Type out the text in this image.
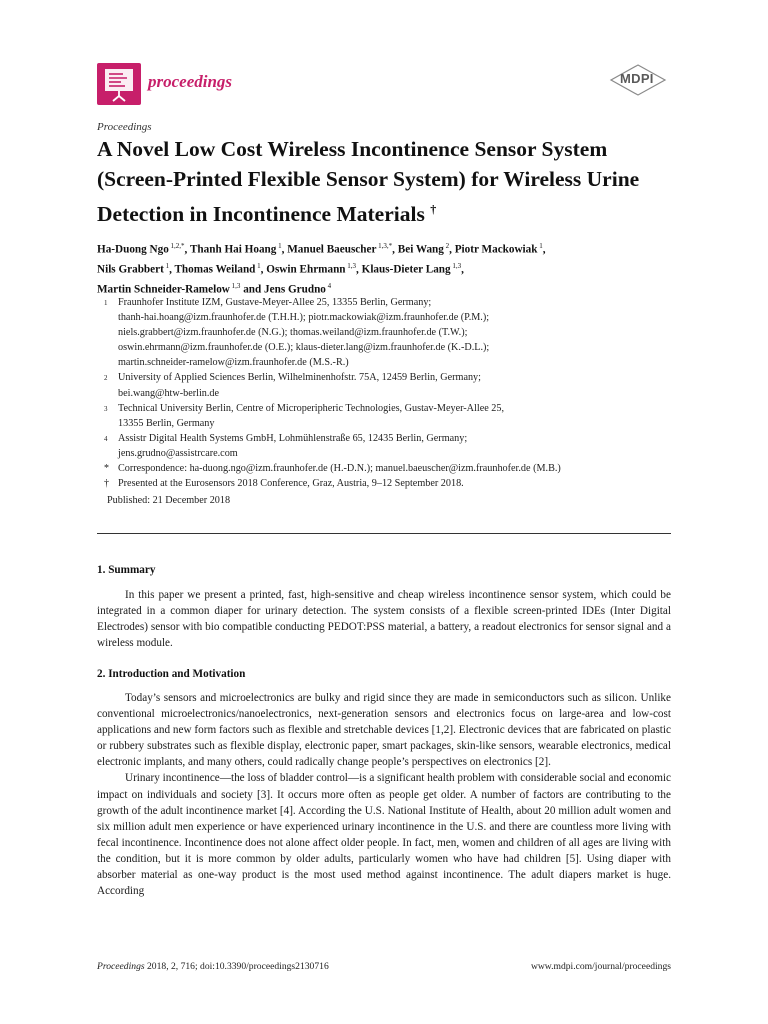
proceedings	MDPI
Proceedings
A Novel Low Cost Wireless Incontinence Sensor System (Screen-Printed Flexible Sensor System) for Wireless Urine Detection in Incontinence Materials †
Ha-Duong Ngo $^{1,2,*}$, Thanh Hai Hoang $^1$, Manuel Baeuscher $^{1,3,*}$, Bei Wang $^2$, Piotr Mackowiak $^1$,
Nils Grabbert $^1$, Thomas Weiland $^1$, Oswin Ehrmann $^{1,3}$, Klaus-Dieter Lang $^{1,3}$,
Martin Schneider-Ramelow $^{1,3}$ and Jens Grudno $^4$
1	Fraunhofer Institute IZM, Gustave-Meyer-Allee 25, 13355 Berlin, Germany;
thanh-hai.hoang@izm.fraunhofer.de (T.H.H.); piotr.mackowiak@izm.fraunhofer.de (P.M.);
niels.grabbert@izm.fraunhofer.de (N.G.); thomas.weiland@izm.fraunhofer.de (T.W.);
oswin.ehrmann@izm.fraunhofer.de (O.E.); klaus-dieter.lang@izm.fraunhofer.de (K.-D.L.);
martin.schneider-ramelow@izm.fraunhofer.de (M.S.-R.)
2	University of Applied Sciences Berlin, Wilhelminenhofstr. 75A, 12459 Berlin, Germany;
bei.wang@htw-berlin.de
3	Technical University Berlin, Centre of Microperipheric Technologies, Gustav-Meyer-Allee 25,
13355 Berlin, Germany
4	Assistr Digital Health Systems GmbH, Lohmühlenstraße 65, 12435 Berlin, Germany;
jens.grudno@assistrcare.com
* Correspondence: ha-duong.ngo@izm.fraunhofer.de (H.-D.N.); manuel.baeuscher@izm.fraunhofer.de (M.B.)
† Presented at the Eurosensors 2018 Conference, Graz, Austria, 9–12 September 2018.
Published: 21 December 2018
1. Summary

In this paper we present a printed, fast, high-sensitive and cheap wireless incontinence sensor system, which could be integrated in a common diaper for urinary detection. The system consists of a flexible screen-printed IDEs (Inter Digital Electrodes) sensor with bio compatible conducting PEDOT:PSS material, a battery, a readout electronics for sensor signal and a wireless module.

2. Introduction and Motivation

Today’s sensors and microelectronics are bulky and rigid since they are made in semiconductors such as silicon. Unlike conventional microelectronics/nanoelectronics, next-generation sensors and electronics focus on large-area and low-cost applications and new form factors such as flexible and stretchable devices [1,2]. Electronic devices that are fabricated on plastic or rubbery substrates such as flexible display, electronic paper, smart packages, skin-like sensors, wearable electronics, medical electronic implants, and many others, could radically change people’s perspectives on electronics [2].

Urinary incontinence—the loss of bladder control—is a significant health problem with considerable social and economic impact on individuals and society [3]. It occurs more often as people get older. A number of factors are contributing to the growth of the adult incontinence market [4]. According the U.S. National Institute of Health, about 20 million adult women and six million adult men experience or have experienced urinary incontinence in the U.S. and there are countless more living with fecal incontinence. Incontinence does not alone affect older people. In fact, men, women and children of all ages are living with the condition, but it is more common by older adults, particularly women who have had children [5]. Using diaper with absorber material as one-way product is the most used method against incontinence. The adult diapers market is huge. According

Proceedings 2018, 2, 716; doi:10.3390/proceedings2130716	www.mdpi.com/journal/proceedings
